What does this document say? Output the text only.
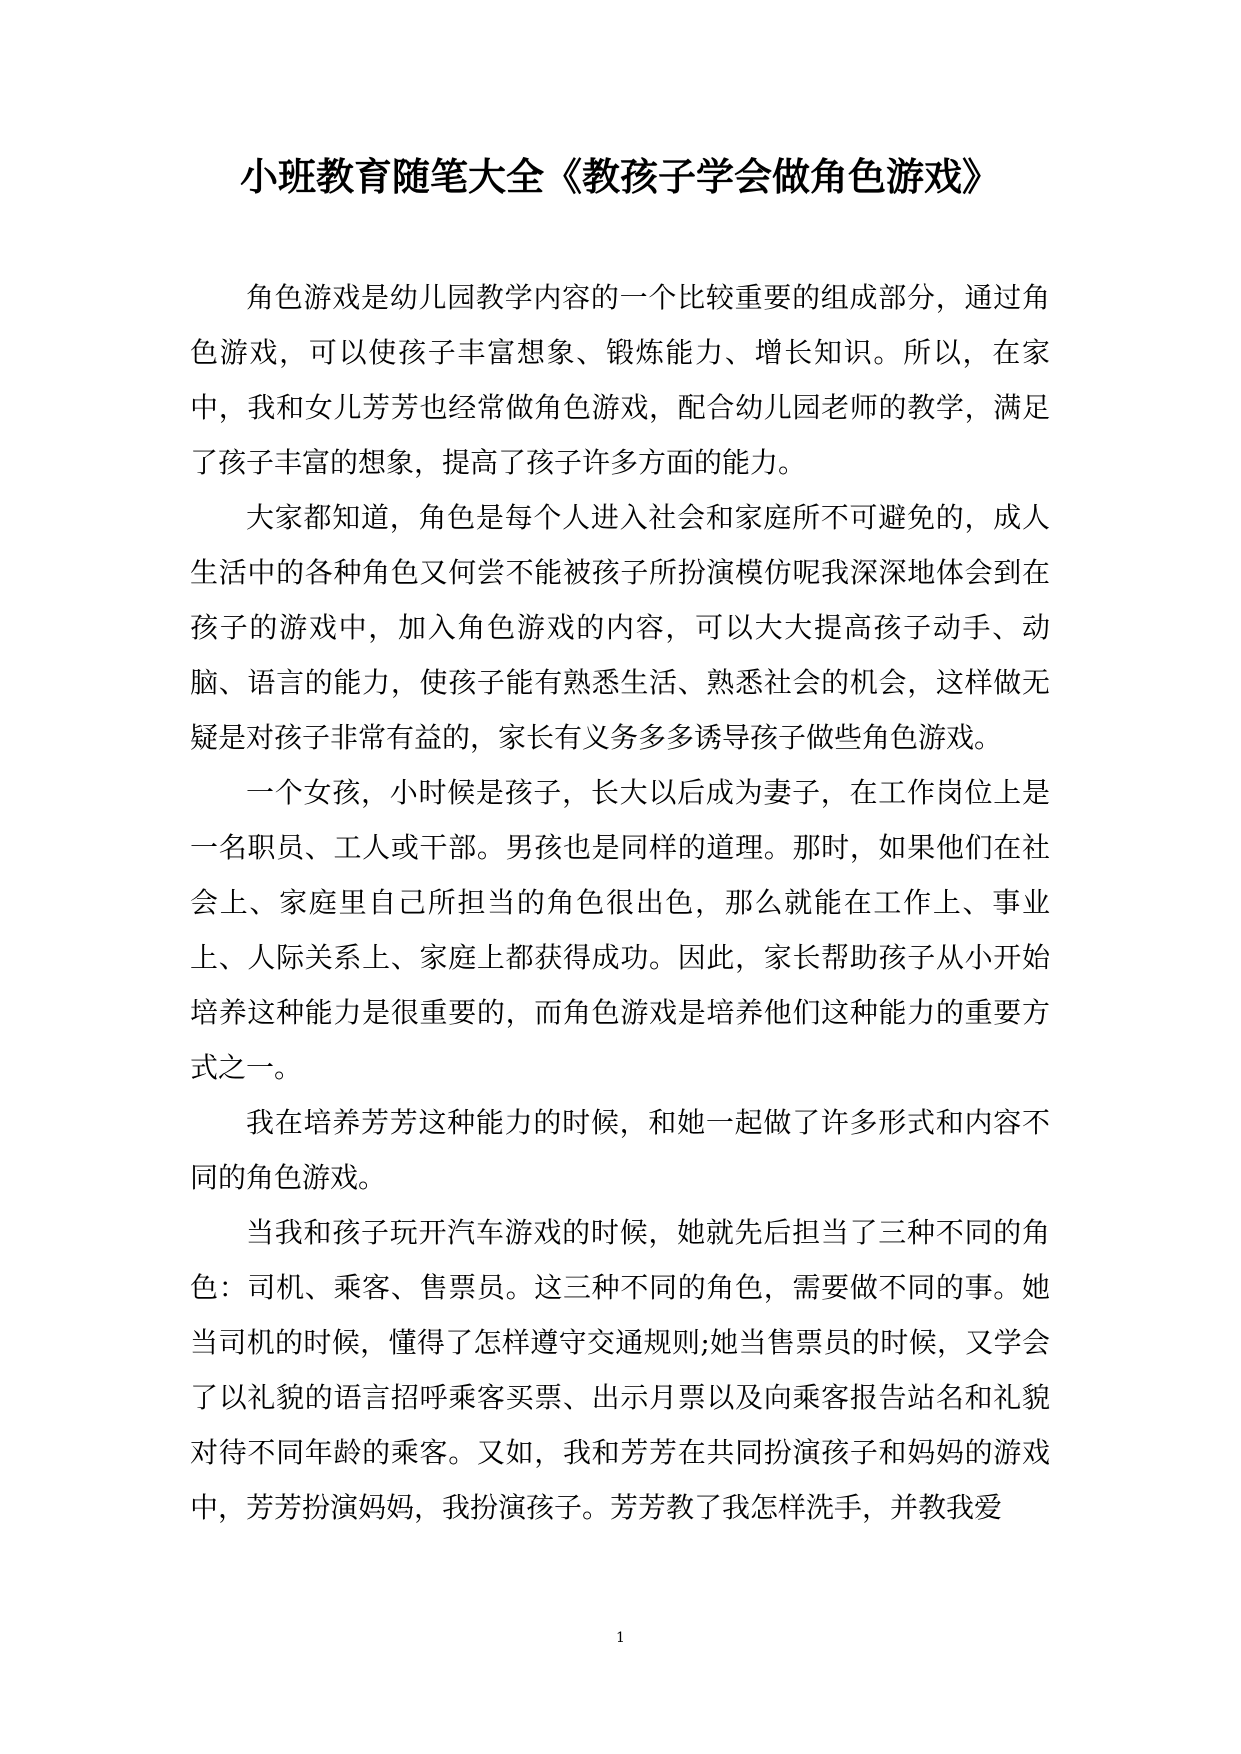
小班教育随笔大全《教孩子学会做角色游戏》

角色游戏是幼儿园教学内容的一个比较重要的组成部分，通过角色游戏，可以使孩子丰富想象、锻炼能力、增长知识。所以，在家中，我和女儿芳芳也经常做角色游戏，配合幼儿园老师的教学，满足了孩子丰富的想象，提高了孩子许多方面的能力。

大家都知道，角色是每个人进入社会和家庭所不可避免的，成人生活中的各种角色又何尝不能被孩子所扮演模仿呢我深深地体会到在孩子的游戏中，加入角色游戏的内容，可以大大提高孩子动手、动脑、语言的能力，使孩子能有熟悉生活、熟悉社会的机会，这样做无疑是对孩子非常有益的，家长有义务多多诱导孩子做些角色游戏。

一个女孩，小时候是孩子，长大以后成为妻子，在工作岗位上是一名职员、工人或干部。男孩也是同样的道理。那时，如果他们在社会上、家庭里自己所担当的角色很出色，那么就能在工作上、事业上、人际关系上、家庭上都获得成功。因此，家长帮助孩子从小开始培养这种能力是很重要的，而角色游戏是培养他们这种能力的重要方式之一。

我在培养芳芳这种能力的时候，和她一起做了许多形式和内容不同的角色游戏。

当我和孩子玩开汽车游戏的时候，她就先后担当了三种不同的角色：司机、乘客、售票员。这三种不同的角色，需要做不同的事。她当司机的时候，懂得了怎样遵守交通规则;她当售票员的时候，又学会了以礼貌的语言招呼乘客买票、出示月票以及向乘客报告站名和礼貌对待不同年龄的乘客。又如，我和芳芳在共同扮演孩子和妈妈的游戏中，芳芳扮演妈妈，我扮演孩子。芳芳教了我怎样洗手，并教我爱

1
